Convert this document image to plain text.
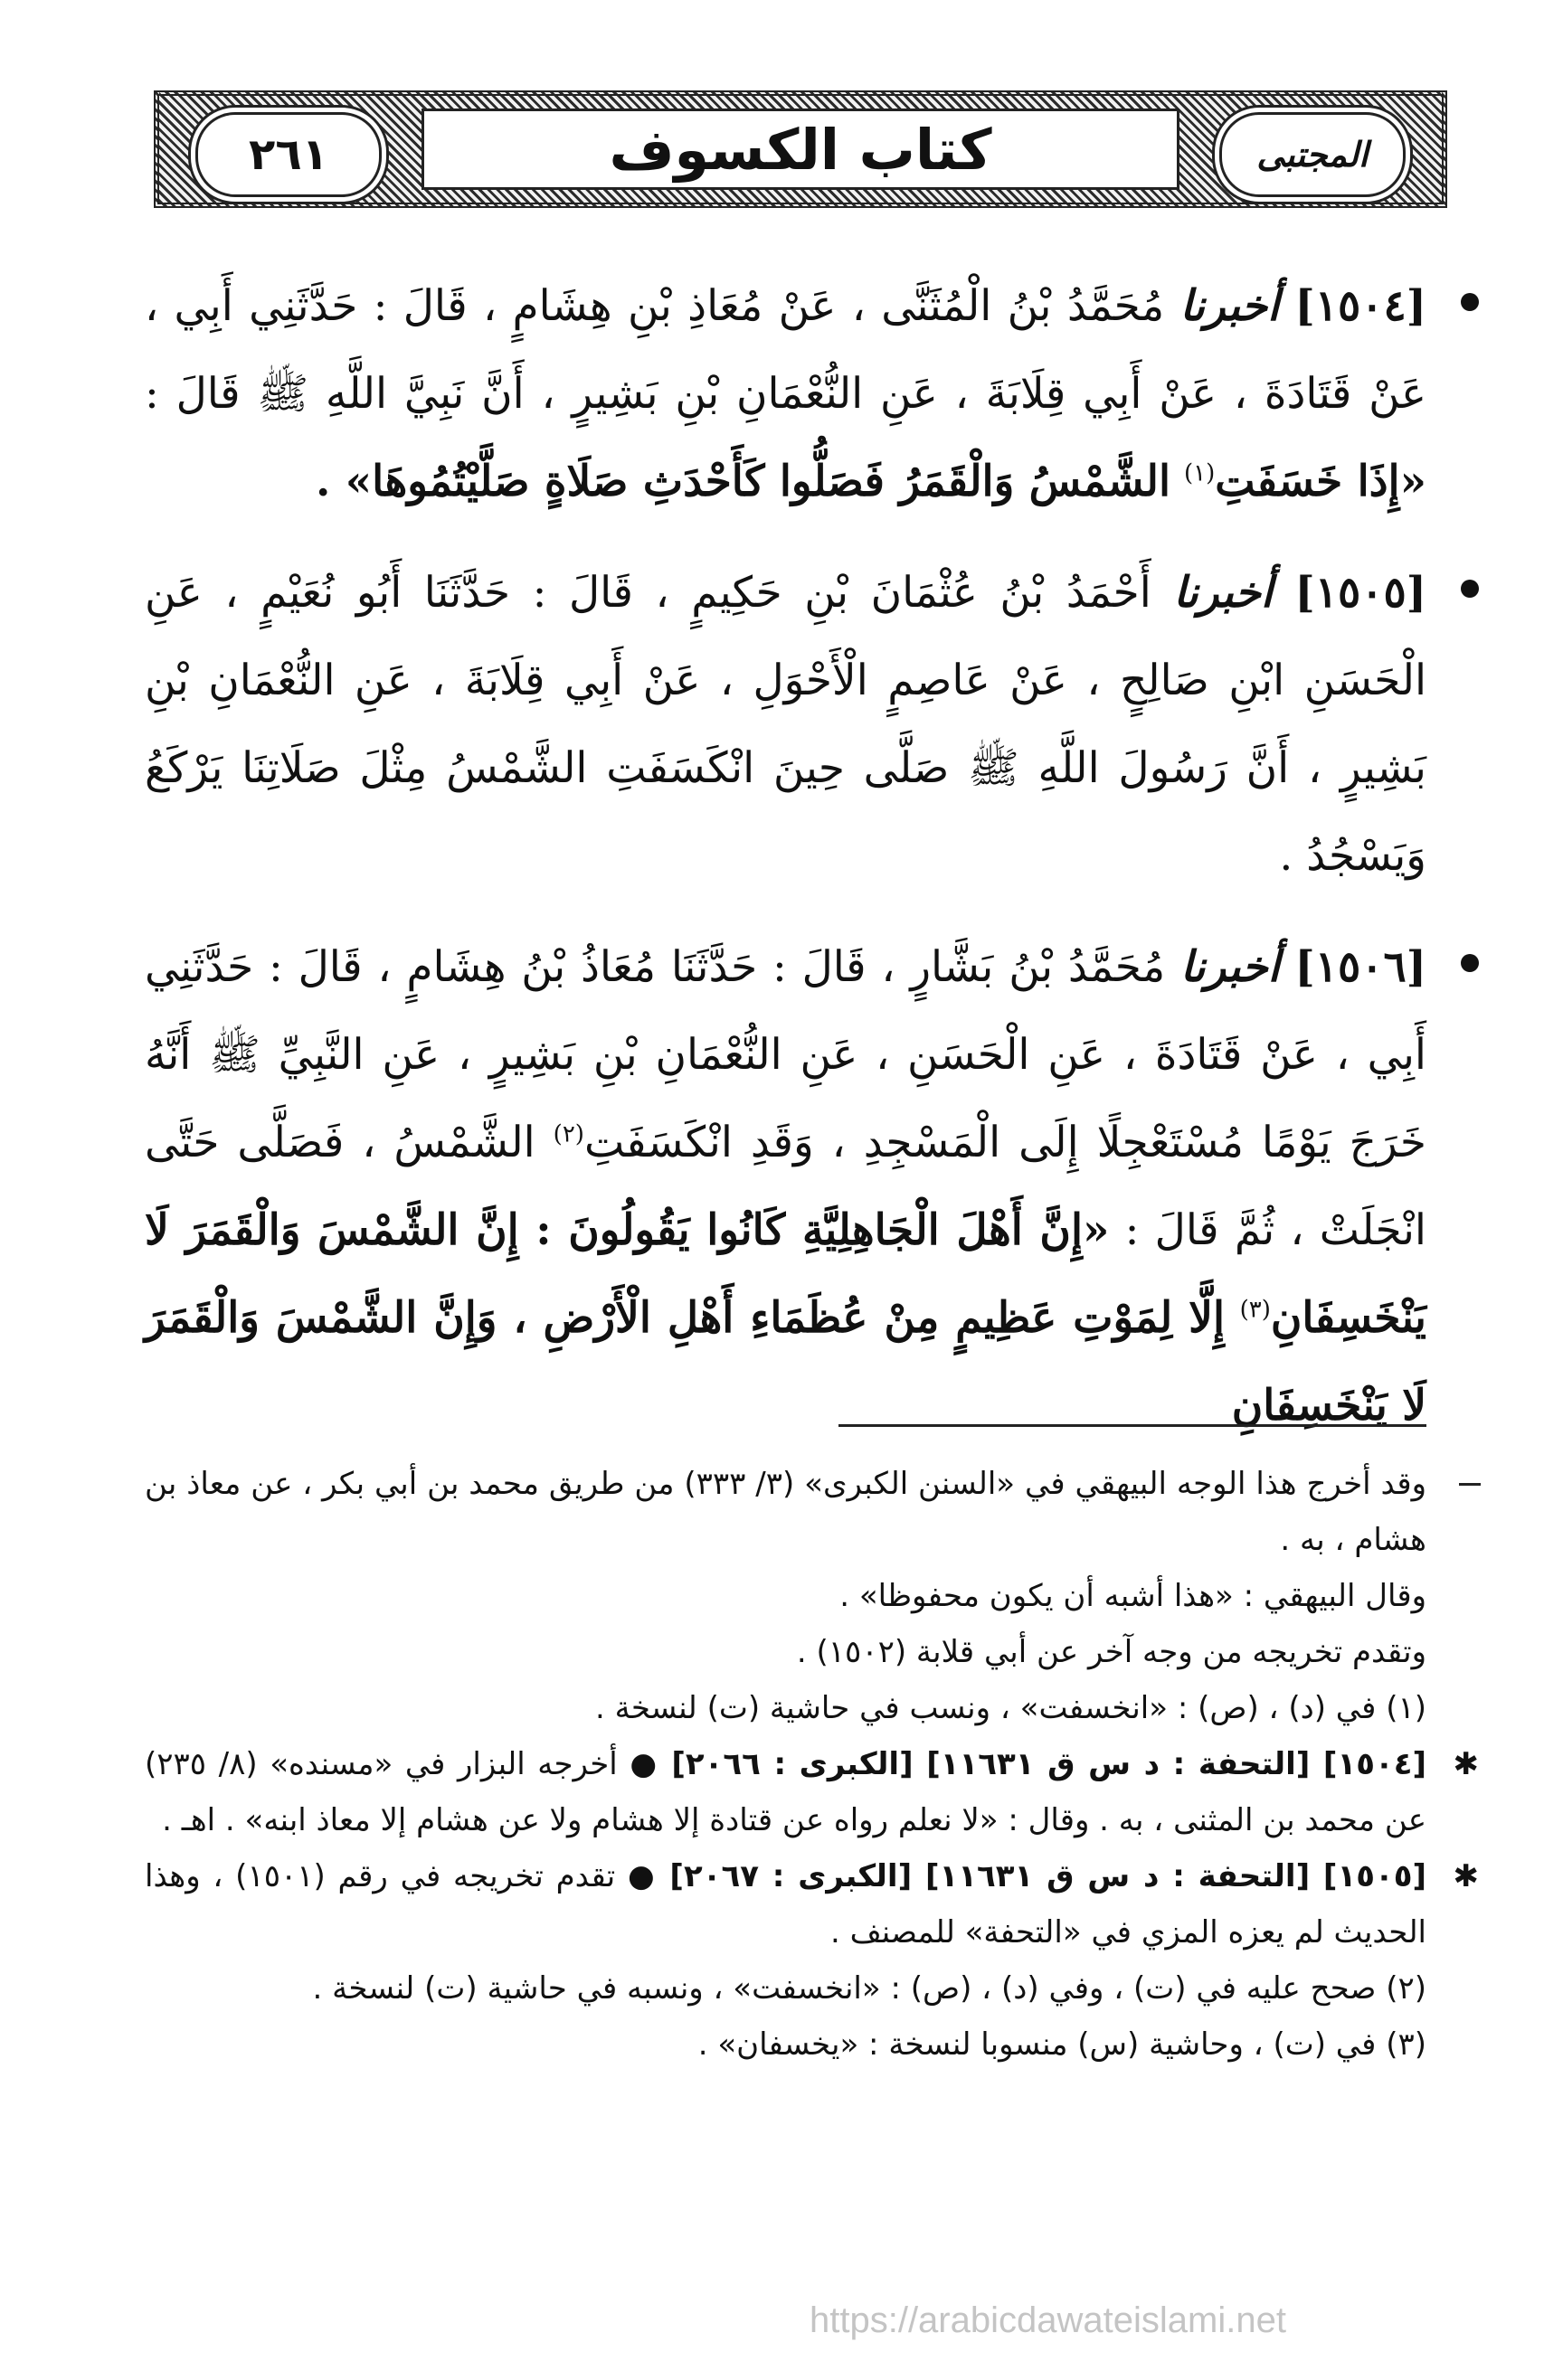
٢٦١	كتاب الكسوف	المجتبى

[١٥٠٤] أخبرنا مُحَمَّدُ بْنُ الْمُثَنَّى ، عَنْ مُعَاذِ بْنِ هِشَامٍ ، قَالَ : حَدَّثَنِي أَبِي ، عَنْ قَتَادَةَ ، عَنْ أَبِي قِلَابَةَ ، عَنِ النُّعْمَانِ بْنِ بَشِيرٍ ، أَنَّ نَبِيَّ اللَّهِ ﷺ قَالَ : «إِذَا خَسَفَتِ$^{(١)}$ الشَّمْسُ وَالْقَمَرُ فَصَلُّوا كَأَحْدَثِ صَلَاةٍ صَلَّيْتُمُوهَا» .

[١٥٠٥] أخبرنا أَحْمَدُ بْنُ عُثْمَانَ بْنِ حَكِيمٍ ، قَالَ : حَدَّثَنَا أَبُو نُعَيْمٍ ، عَنِ الْحَسَنِ ابْنِ صَالِحٍ ، عَنْ عَاصِمٍ الْأَحْوَلِ ، عَنْ أَبِي قِلَابَةَ ، عَنِ النُّعْمَانِ بْنِ بَشِيرٍ ، أَنَّ رَسُولَ اللَّهِ ﷺ صَلَّى حِينَ انْكَسَفَتِ الشَّمْسُ مِثْلَ صَلَاتِنَا يَرْكَعُ وَيَسْجُدُ .

[١٥٠٦] أخبرنا مُحَمَّدُ بْنُ بَشَّارٍ ، قَالَ : حَدَّثَنَا مُعَاذُ بْنُ هِشَامٍ ، قَالَ : حَدَّثَنِي أَبِي ، عَنْ قَتَادَةَ ، عَنِ الْحَسَنِ ، عَنِ النُّعْمَانِ بْنِ بَشِيرٍ ، عَنِ النَّبِيِّ ﷺ أَنَّهُ خَرَجَ يَوْمًا مُسْتَعْجِلًا إِلَى الْمَسْجِدِ ، وَقَدِ انْكَسَفَتِ$^{(٢)}$ الشَّمْسُ ، فَصَلَّى حَتَّى انْجَلَتْ ، ثُمَّ قَالَ : «إِنَّ أَهْلَ الْجَاهِلِيَّةِ كَانُوا يَقُولُونَ : إِنَّ الشَّمْسَ وَالْقَمَرَ لَا يَنْخَسِفَانِ$^{(٣)}$ إِلَّا لِمَوْتِ عَظِيمٍ مِنْ عُظَمَاءِ أَهْلِ الْأَرْضِ ، وَإِنَّ الشَّمْسَ وَالْقَمَرَ لَا يَنْخَسِفَانِ

وقد أخرج هذا الوجه البيهقي في «السنن الكبرى» (٣/ ٣٣٣) من طريق محمد بن أبي بكر ، عن معاذ بن هشام ، به .

وقال البيهقي : «هذا أشبه أن يكون محفوظا» .

وتقدم تخريجه من وجه آخر عن أبي قلابة (١٥٠٢) .

(١) في (د) ، (ص) : «انخسفت» ، ونسب في حاشية (ت) لنسخة .

✱
[١٥٠٤] [التحفة : د س ق ١١٦٣١] [الكبرى : ٢٠٦٦] ● أخرجه البزار في «مسنده» (٨/ ٢٣٥) عن محمد بن المثنى ، به . وقال : «لا نعلم رواه عن قتادة إلا هشام ولا عن هشام إلا معاذ ابنه» . اهـ .

✱
[١٥٠٥] [التحفة : د س ق ١١٦٣١] [الكبرى : ٢٠٦٧] ● تقدم تخريجه في رقم (١٥٠١) ، وهذا الحديث لم يعزه المزي في «التحفة» للمصنف .

(٢) صحح عليه في (ت) ، وفي (د) ، (ص) : «انخسفت» ، ونسبه في حاشية (ت) لنسخة .

(٣) في (ت) ، وحاشية (س) منسوبا لنسخة : «يخسفان» .

https://arabicdawateislami.net
